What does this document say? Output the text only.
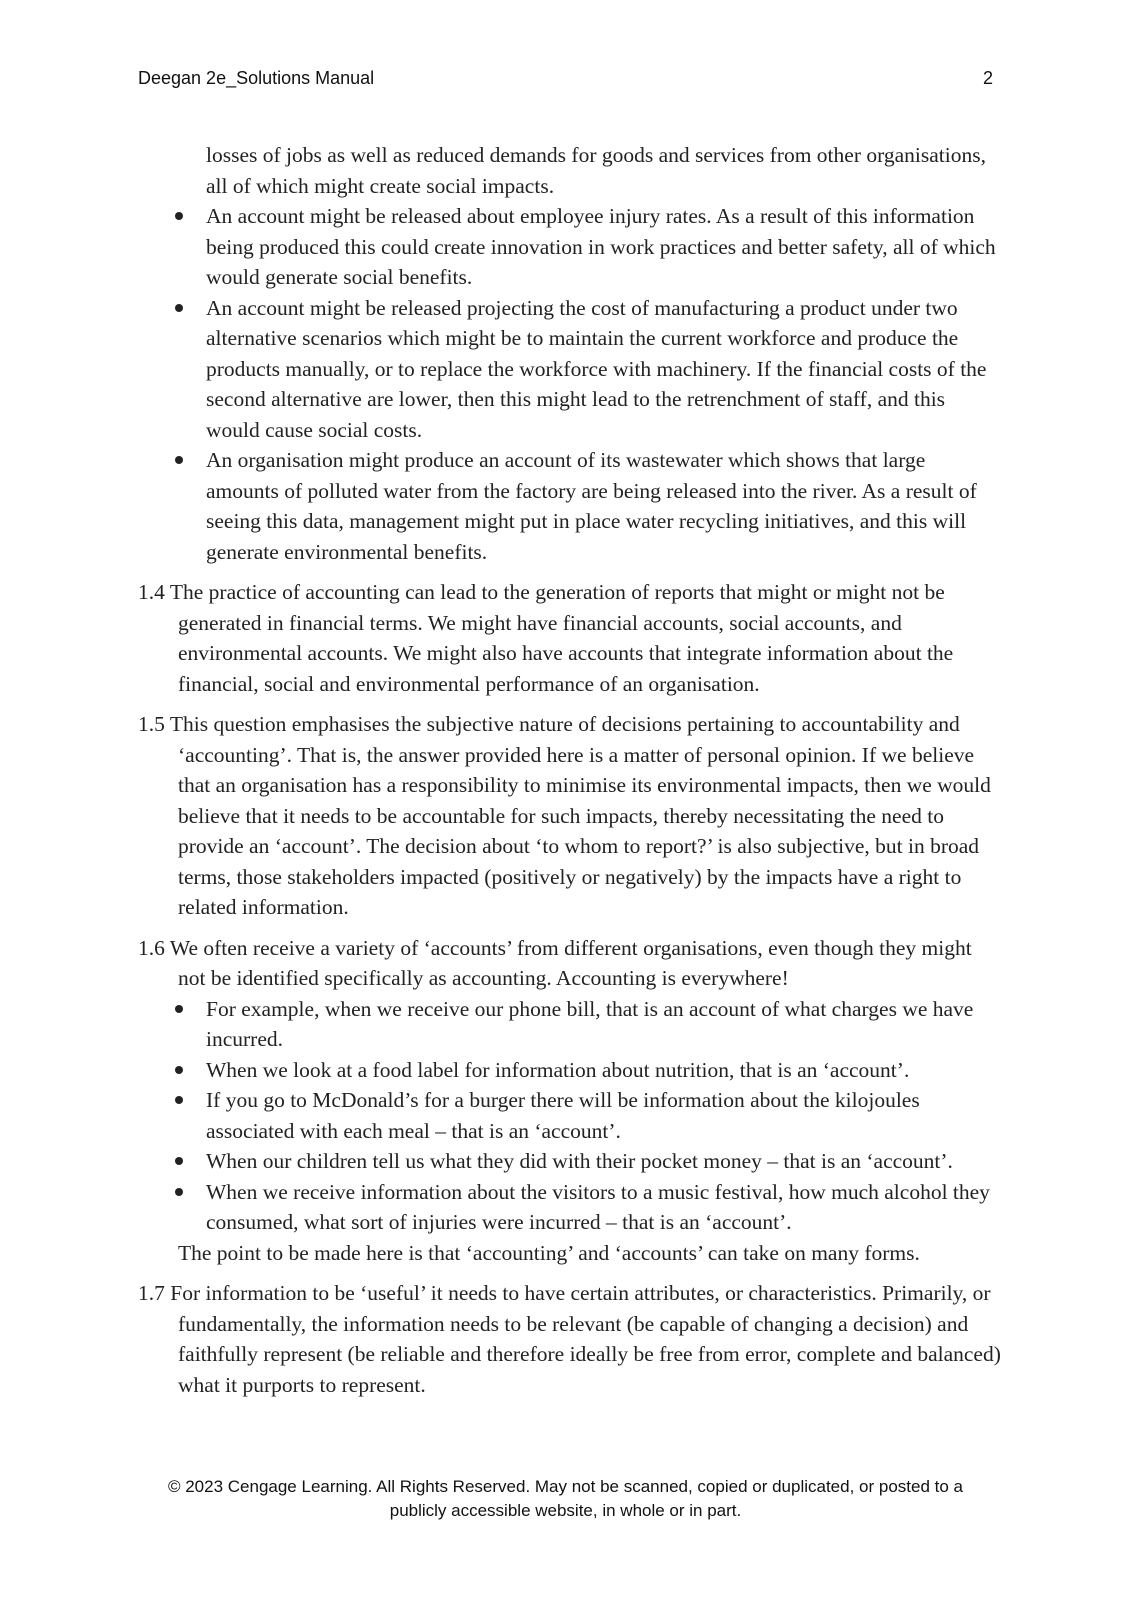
Deegan 2e_Solutions Manual	2

losses of jobs as well as reduced demands for goods and services from other organisations, all of which might create social impacts.

An account might be released about employee injury rates. As a result of this information being produced this could create innovation in work practices and better safety, all of which would generate social benefits.
An account might be released projecting the cost of manufacturing a product under two alternative scenarios which might be to maintain the current workforce and produce the products manually, or to replace the workforce with machinery. If the financial costs of the second alternative are lower, then this might lead to the retrenchment of staff, and this would cause social costs.
An organisation might produce an account of its wastewater which shows that large amounts of polluted water from the factory are being released into the river. As a result of seeing this data, management might put in place water recycling initiatives, and this will generate environmental benefits.

1.4 The practice of accounting can lead to the generation of reports that might or might not be generated in financial terms. We might have financial accounts, social accounts, and environmental accounts. We might also have accounts that integrate information about the financial, social and environmental performance of an organisation.

1.5 This question emphasises the subjective nature of decisions pertaining to accountability and ‘accounting’. That is, the answer provided here is a matter of personal opinion. If we believe that an organisation has a responsibility to minimise its environmental impacts, then we would believe that it needs to be accountable for such impacts, thereby necessitating the need to provide an ‘account’. The decision about ‘to whom to report?’ is also subjective, but in broad terms, those stakeholders impacted (positively or negatively) by the impacts have a right to related information.

1.6 We often receive a variety of ‘accounts’ from different organisations, even though they might not be identified specifically as accounting. Accounting is everywhere!

For example, when we receive our phone bill, that is an account of what charges we have incurred.
When we look at a food label for information about nutrition, that is an ‘account’.
If you go to McDonald’s for a burger there will be information about the kilojoules associated with each meal – that is an ‘account’.
When our children tell us what they did with their pocket money – that is an ‘account’.
When we receive information about the visitors to a music festival, how much alcohol they consumed, what sort of injuries were incurred – that is an ‘account’.

The point to be made here is that ‘accounting’ and ‘accounts’ can take on many forms.

1.7 For information to be ‘useful’ it needs to have certain attributes, or characteristics. Primarily, or fundamentally, the information needs to be relevant (be capable of changing a decision) and faithfully represent (be reliable and therefore ideally be free from error, complete and balanced) what it purports to represent.

© 2023 Cengage Learning. All Rights Reserved. May not be scanned, copied or duplicated, or posted to a
publicly accessible website, in whole or in part.
